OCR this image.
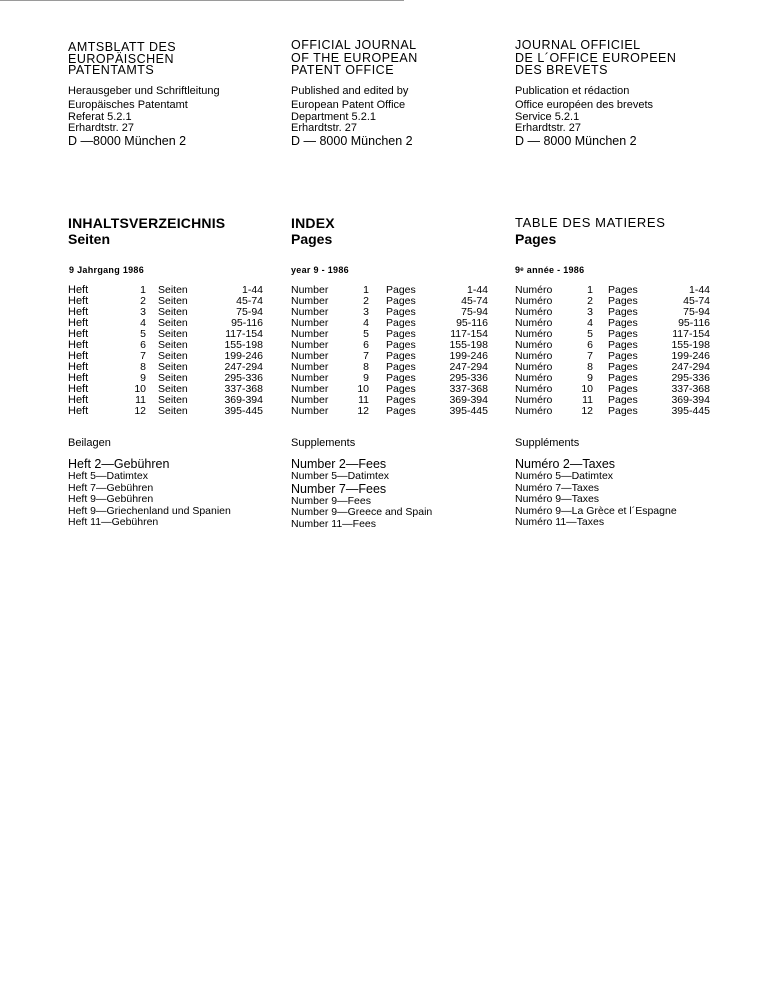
AMTSBLATT DES
EUROPÄISCHEN
PATENTAMTS
Herausgeber und Schriftleitung
Europäisches Patentamt
Referat 5.2.1
Erhardtstr. 27
D —8000 München 2
INHALTSVERZEICHNIS
Seiten
9 Jahrgang 1986
Heft	1	Seiten	1-44
Heft	2	Seiten	45-74
Heft	3	Seiten	75-94
Heft	4	Seiten	95-116
Heft	5	Seiten	117-154
Heft	6	Seiten	155-198
Heft	7	Seiten	199-246
Heft	8	Seiten	247-294
Heft	9	Seiten	295-336
Heft	10	Seiten	337-368
Heft	11	Seiten	369-394
Heft	12	Seiten	395-445
Beilagen
Heft 2—Gebühren
Heft 5—Datimtex
Heft 7—Gebühren
Heft 9—Gebühren
Heft 9—Griechenland und Spanien
Heft 11—Gebühren
OFFICIAL JOURNAL
OF THE EUROPEAN
PATENT OFFICE
Published and edited by
European Patent Office
Department 5.2.1
Erhardtstr. 27
D — 8000 München 2
INDEX
Pages
year 9 - 1986
Number	1	Pages	1-44
Number	2	Pages	45-74
Number	3	Pages	75-94
Number	4	Pages	95-116
Number	5	Pages	117-154
Number	6	Pages	155-198
Number	7	Pages	199-246
Number	8	Pages	247-294
Number	9	Pages	295-336
Number	10	Pages	337-368
Number	11	Pages	369-394
Number	12	Pages	395-445
Supplements
Number 2—Fees
Number 5—Datimtex
Number 7—Fees
Number 9—Fees
Number 9—Greece and Spain
Number 11—Fees
JOURNAL OFFICIEL
DE L´OFFICE EUROPEEN
DES BREVETS
Publication et rédaction
Office européen des brevets
Service 5.2.1
Erhardtstr. 27
D — 8000 München 2
TABLE DES MATIERES
Pages
9ᵉ année - 1986
Numéro	1	Pages	1-44
Numéro	2	Pages	45-74
Numéro	3	Pages	75-94
Numéro	4	Pages	95-116
Numéro	5	Pages	117-154
Numéro	6	Pages	155-198
Numéro	7	Pages	199-246
Numéro	8	Pages	247-294
Numéro	9	Pages	295-336
Numéro	10	Pages	337-368
Numéro	11	Pages	369-394
Numéro	12	Pages	395-445
Suppléments
Numéro 2—Taxes
Numéro 5—Datimtex
Numéro 7—Taxes
Numéro 9—Taxes
Numéro 9—La Grèce et l´Espagne
Numéro 11—Taxes
